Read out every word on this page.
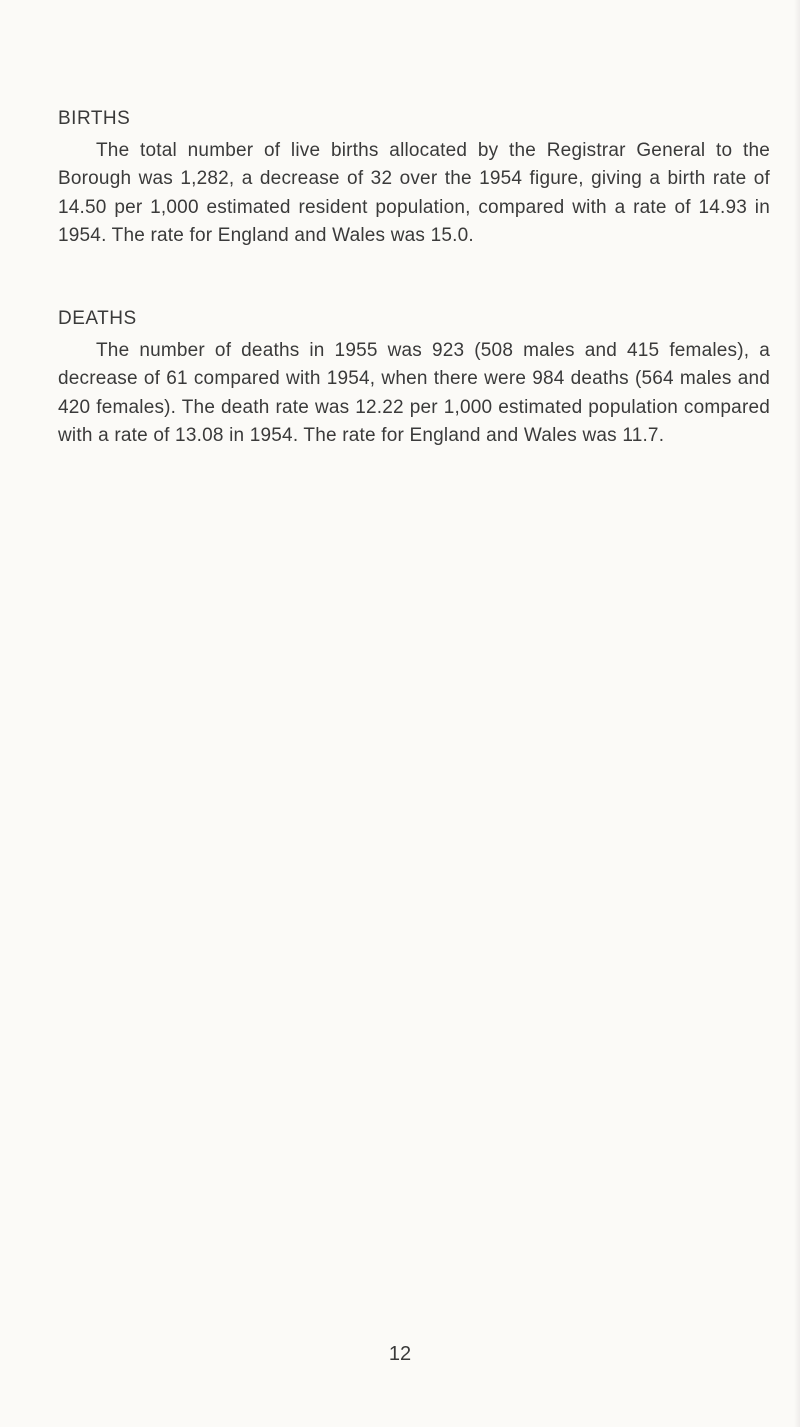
BIRTHS

The total number of live births allocated by the Registrar General to the Borough was 1,282, a decrease of 32 over the 1954 figure, giving a birth rate of 14.50 per 1,000 estimated resident population, compared with a rate of 14.93 in 1954. The rate for England and Wales was 15.0.

DEATHS

The number of deaths in 1955 was 923 (508 males and 415 females), a decrease of 61 compared with 1954, when there were 984 deaths (564 males and 420 females). The death rate was 12.22 per 1,000 estimated population compared with a rate of 13.08 in 1954. The rate for England and Wales was 11.7.

12
